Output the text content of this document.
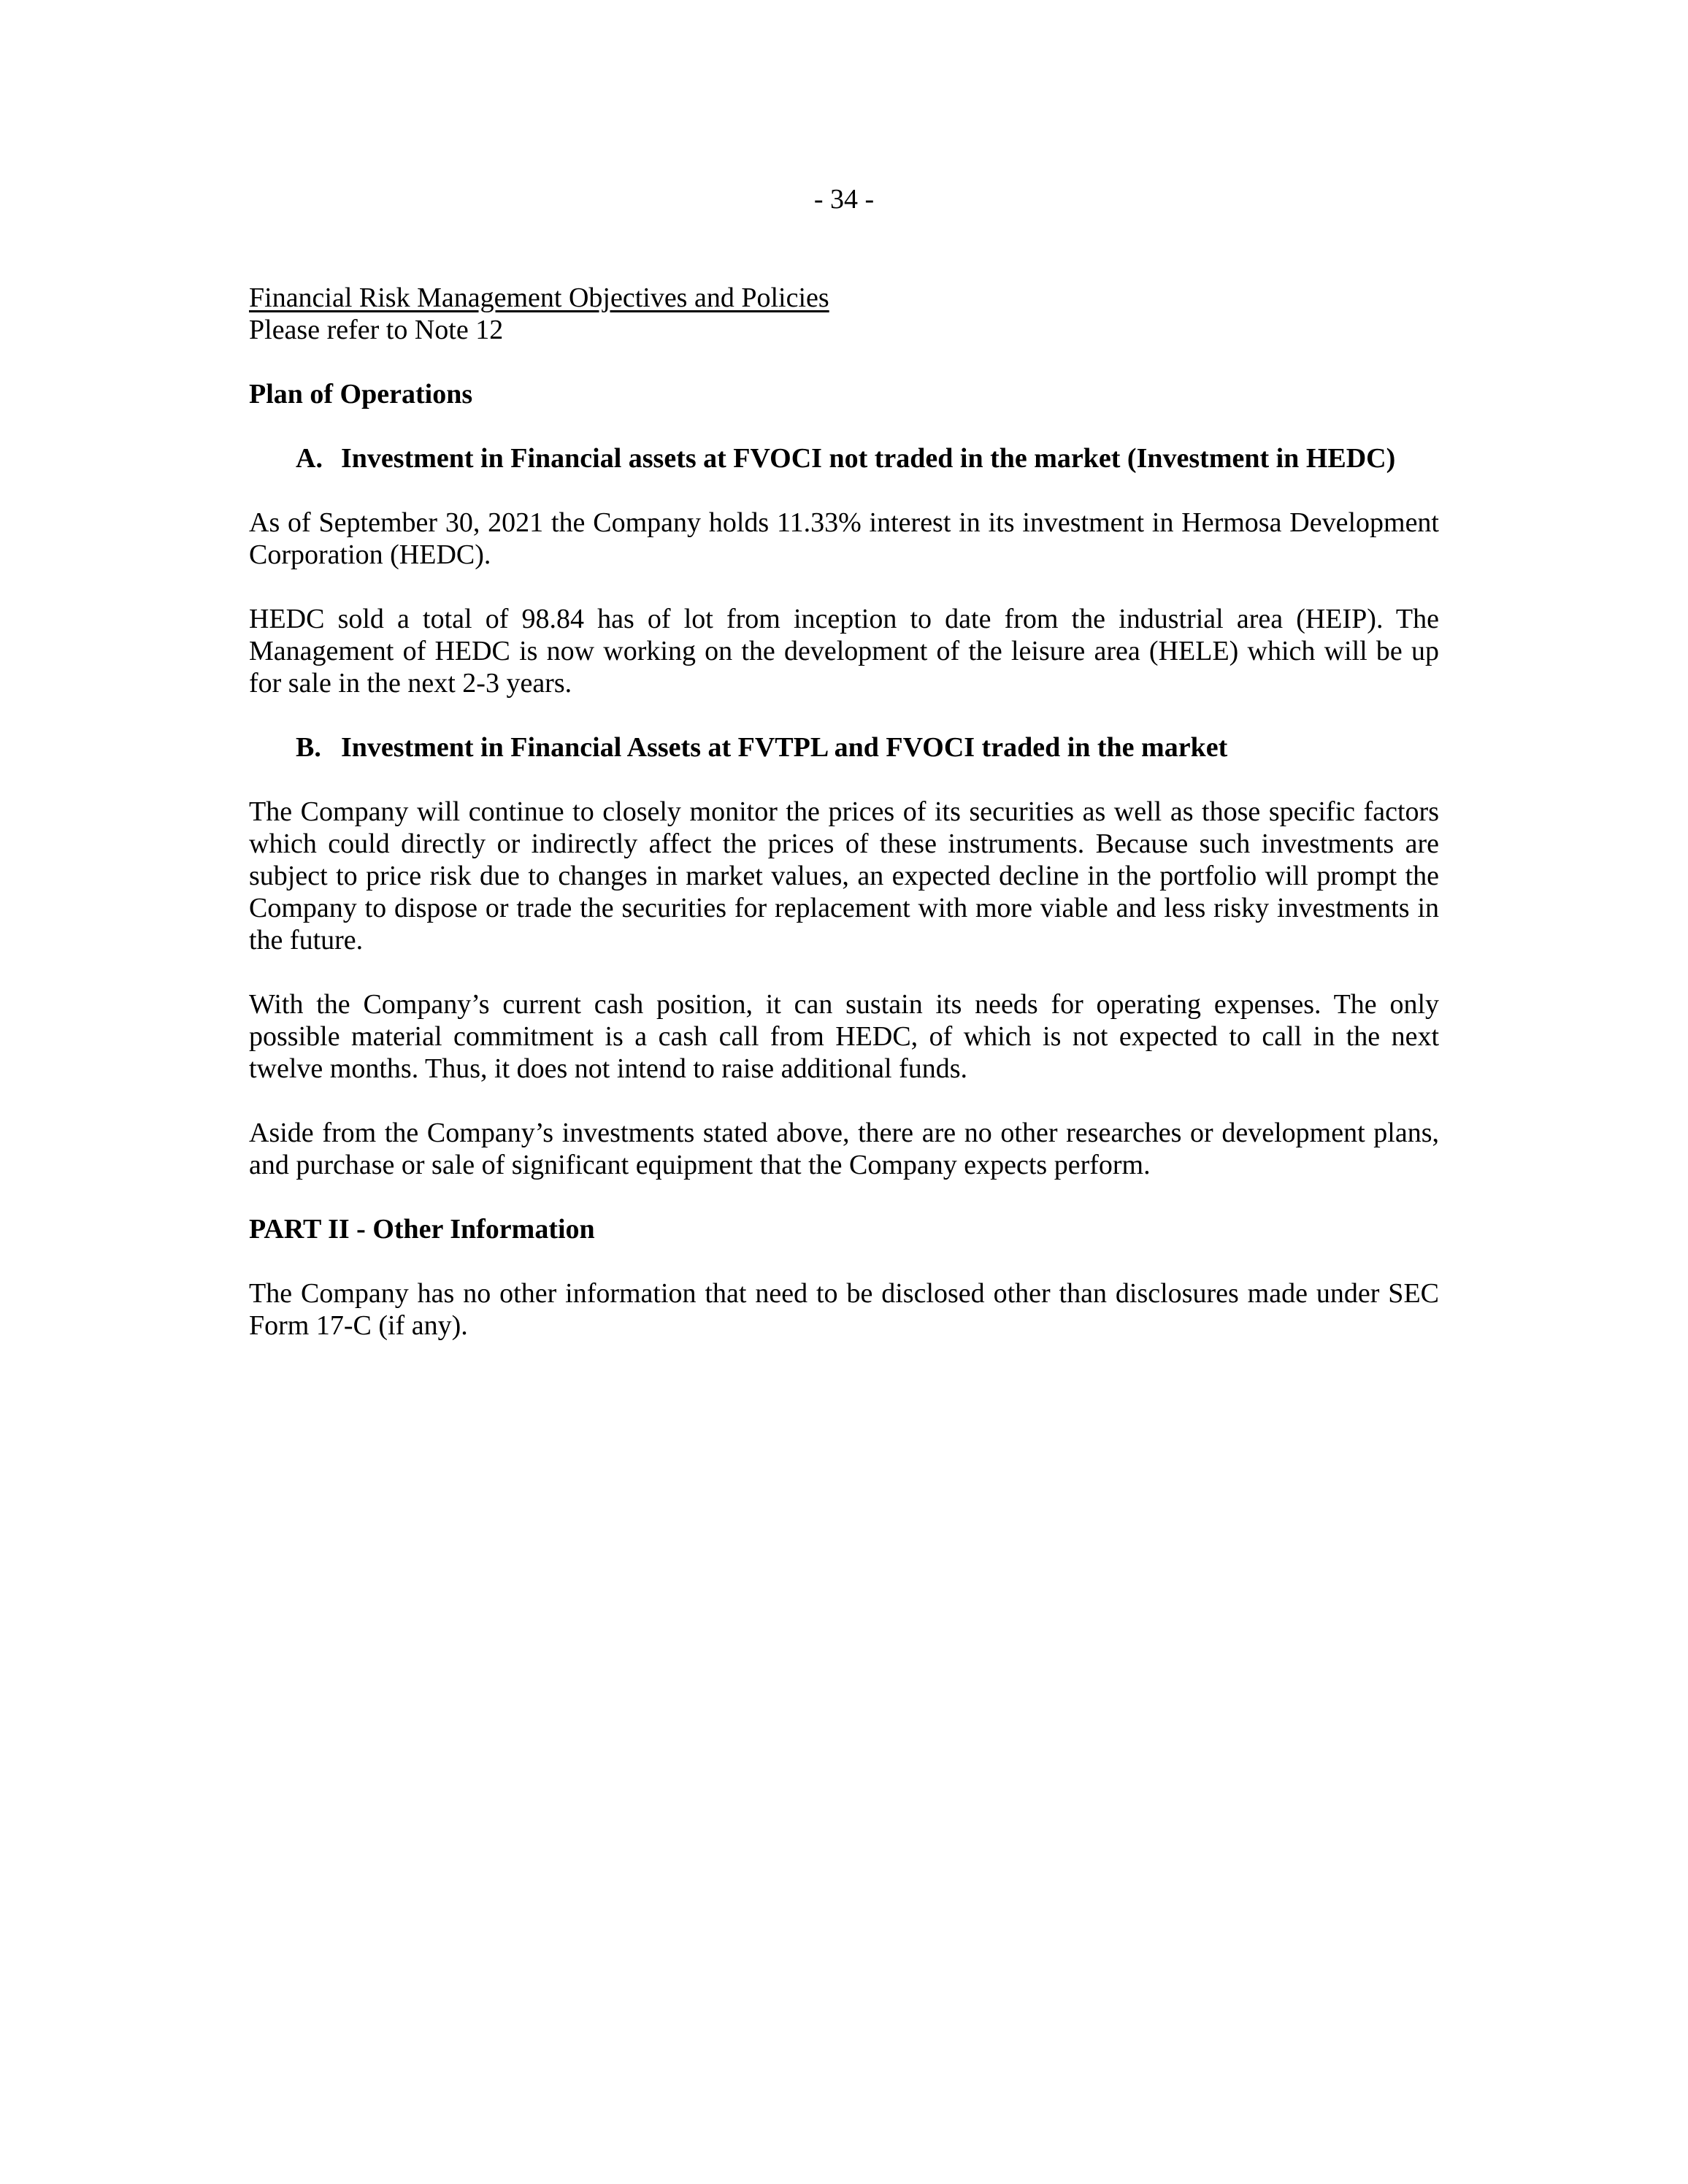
- 34 -

Financial Risk Management Objectives and Policies

Please refer to Note 12

Plan of Operations

A. Investment in Financial assets at FVOCI not traded in the market (Investment in HEDC)

As of September 30, 2021 the Company holds 11.33% interest in its investment in Hermosa Development Corporation (HEDC).

HEDC sold a total of 98.84 has of lot from inception to date from the industrial area (HEIP). The Management of HEDC is now working on the development of the leisure area (HELE) which will be up for sale in the next 2-3 years.

B. Investment in Financial Assets at FVTPL and FVOCI traded in the market

The Company will continue to closely monitor the prices of its securities as well as those specific factors which could directly or indirectly affect the prices of these instruments. Because such investments are subject to price risk due to changes in market values, an expected decline in the portfolio will prompt the Company to dispose or trade the securities for replacement with more viable and less risky investments in the future.

With the Company’s current cash position, it can sustain its needs for operating expenses. The only possible material commitment is a cash call from HEDC, of which is not expected to call in the next twelve months. Thus, it does not intend to raise additional funds.

Aside from the Company’s investments stated above, there are no other researches or development plans, and purchase or sale of significant equipment that the Company expects perform.

PART II - Other Information

The Company has no other information that need to be disclosed other than disclosures made under SEC Form 17-C (if any).
